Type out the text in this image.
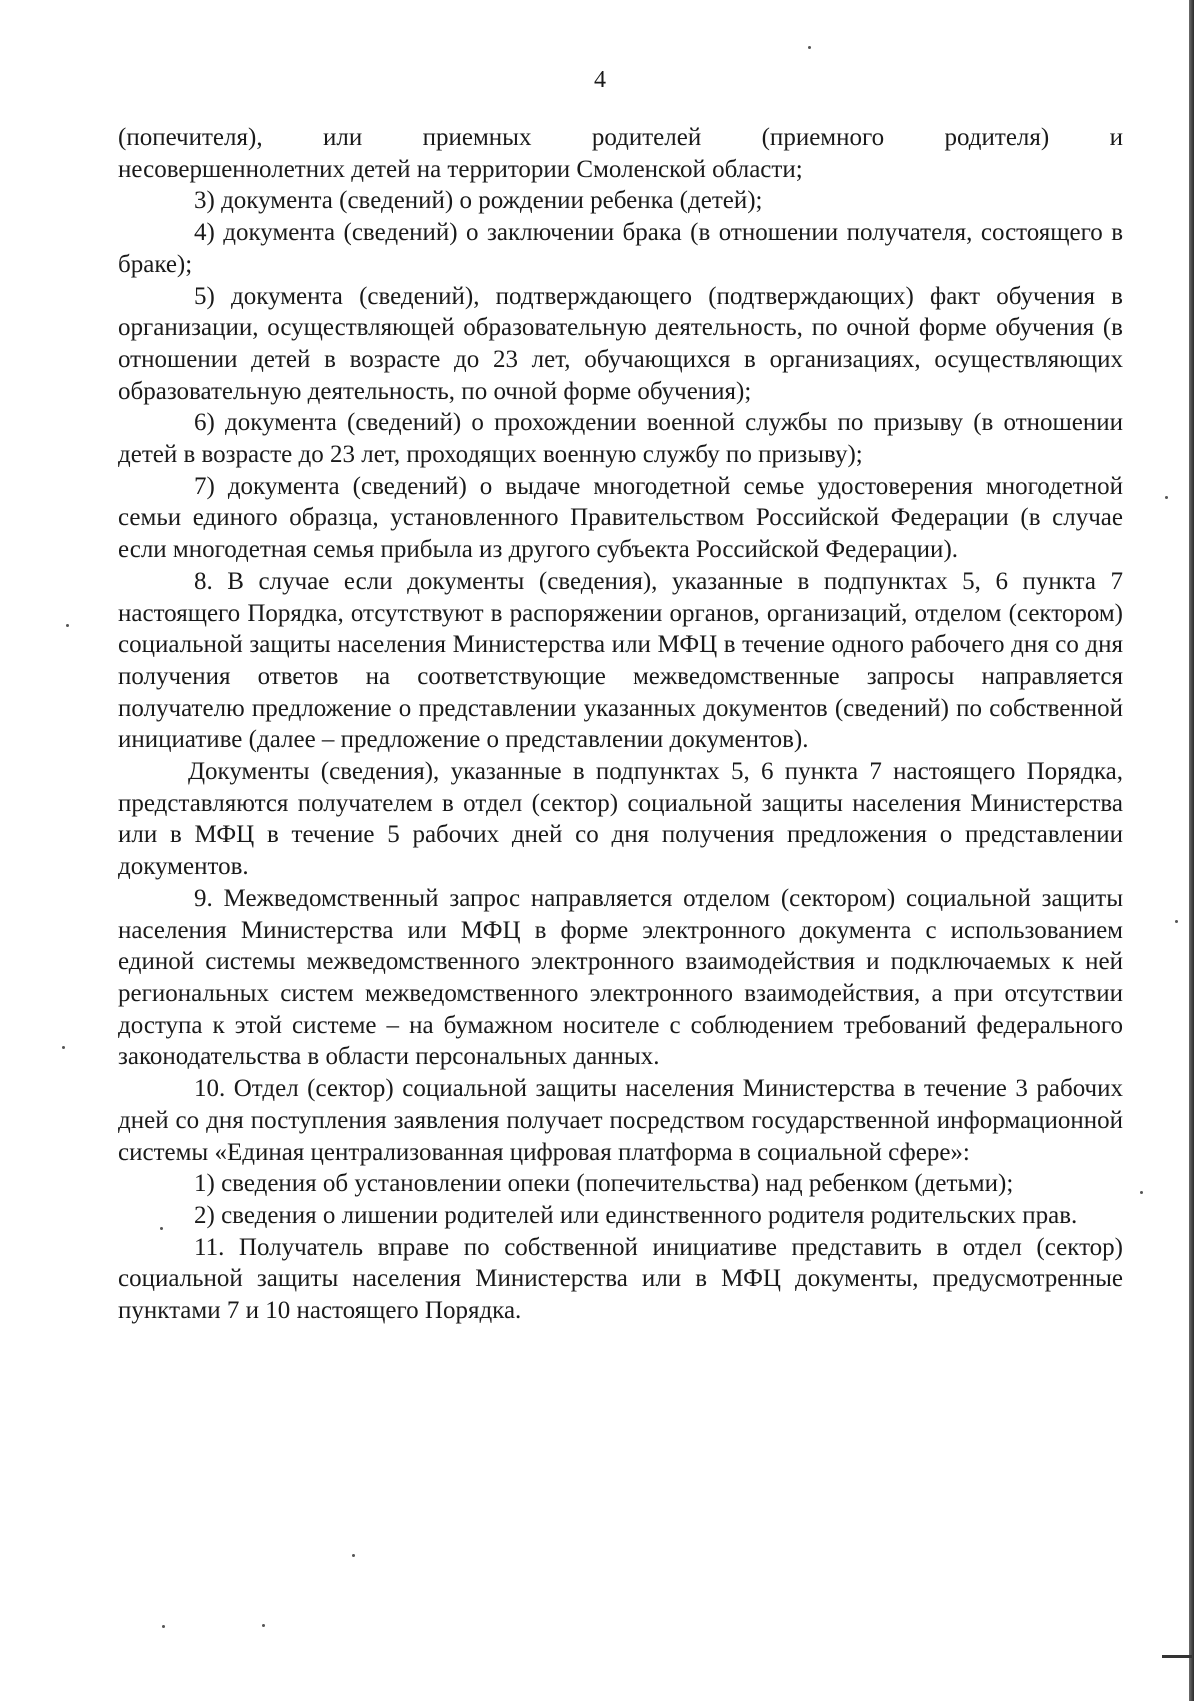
4
(попечителя), или приемных родителей (приемного родителя) и

несовершеннолетних детей на территории Смоленской области;

3) документа (сведений) о рождении ребенка (детей);

4) документа (сведений) о заключении брака (в отношении получателя, состоящего в браке);

5) документа (сведений), подтверждающего (подтверждающих) факт обучения в организации, осуществляющей образовательную деятельность, по очной форме обучения (в отношении детей в возрасте до 23 лет, обучающихся в организациях, осуществляющих образовательную деятельность, по очной форме обучения);

6) документа (сведений) о прохождении военной службы по призыву (в отношении детей в возрасте до 23 лет, проходящих военную службу по призыву);

7) документа (сведений) о выдаче многодетной семье удостоверения многодетной семьи единого образца, установленного Правительством Российской Федерации (в случае если многодетная семья прибыла из другого субъекта Российской Федерации).

8. В случае если документы (сведения), указанные в подпунктах 5, 6 пункта 7 настоящего Порядка, отсутствуют в распоряжении органов, организаций, отделом (сектором) социальной защиты населения Министерства или МФЦ в течение одного рабочего дня со дня получения ответов на соответствующие межведомственные запросы направляется получателю предложение о представлении указанных документов (сведений) по собственной инициативе (далее – предложение о представлении документов).

Документы (сведения), указанные в подпунктах 5, 6 пункта 7 настоящего Порядка, представляются получателем в отдел (сектор) социальной защиты населения Министерства или в МФЦ в течение 5 рабочих дней со дня получения предложения о представлении документов.

9. Межведомственный запрос направляется отделом (сектором) социальной защиты населения Министерства или МФЦ в форме электронного документа с использованием единой системы межведомственного электронного взаимодействия и подключаемых к ней региональных систем межведомственного электронного взаимодействия, а при отсутствии доступа к этой системе – на бумажном носителе с соблюдением требований федерального законодательства в области персональных данных.

10. Отдел (сектор) социальной защиты населения Министерства в течение 3 рабочих дней со дня поступления заявления получает посредством государственной информационной системы «Единая централизованная цифровая платформа в социальной сфере»:

1) сведения об установлении опеки (попечительства) над ребенком (детьми);

2) сведения о лишении родителей или единственного родителя родительских прав.

11. Получатель вправе по собственной инициативе представить в отдел (сектор) социальной защиты населения Министерства или в МФЦ документы, предусмотренные пунктами 7 и 10 настоящего Порядка.
